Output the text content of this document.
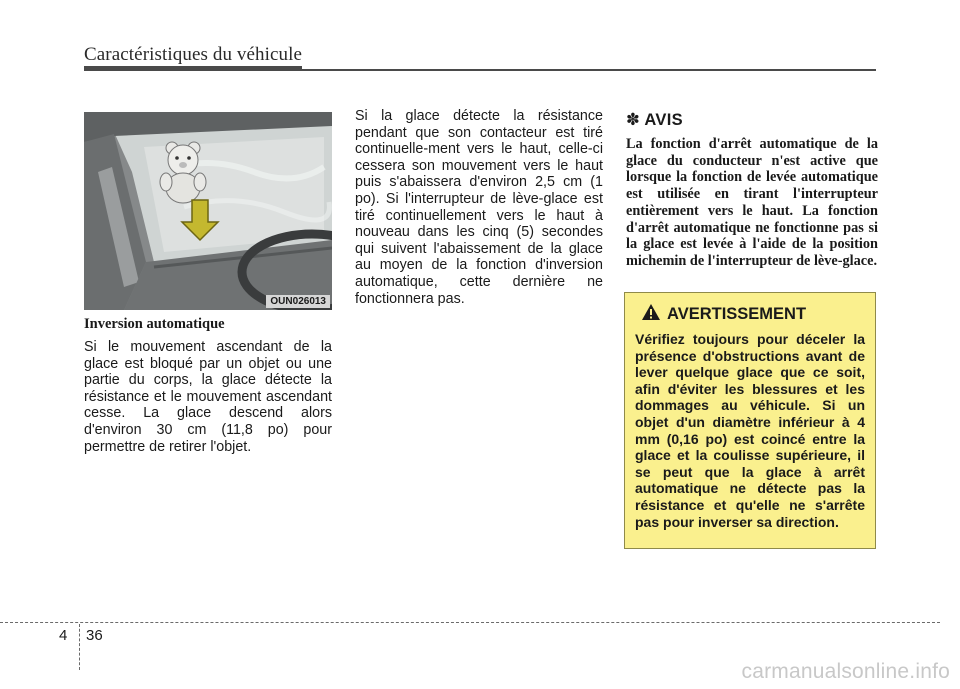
Caractéristiques du véhicule
OUN026013
Inversion automatique

Si le mouvement ascendant de la glace est bloqué par un objet ou une partie du corps, la glace détecte la résistance et le mouvement ascendant cesse. La glace descend alors d'environ 30 cm (11,8 po) pour permettre de retirer l'objet.

Si la glace détecte la résistance pendant que son contacteur est tiré continuelle-ment vers le haut, celle-ci cessera son mouvement vers le haut puis s'abaissera d'environ 2,5 cm (1 po). Si l'interrupteur de lève-glace est tiré continuellement vers le haut à nouveau dans les cinq (5) secondes qui suivent l'abaissement de la glace au moyen de la fonction d'inversion automatique, cette dernière ne fonctionnera pas.

✽ AVIS

La fonction d'arrêt automatique de la glace du conducteur n'est active que lorsque la fonction de levée automatique est utilisée en tirant l'interrupteur entièrement vers le haut. La fonction d'arrêt automatique ne fonctionne pas si la glace est levée à l'aide de la position michemin de l'interrupteur de lève-glace.

AVERTISSEMENT

Vérifiez toujours pour déceler la présence d'obstructions avant de lever quelque glace que ce soit, afin d'éviter les blessures et les dommages au véhicule. Si un objet d'un diamètre inférieur à 4 mm (0,16 po) est coincé entre la glace et la coulisse supérieure, il se peut que la glace à arrêt automatique ne détecte pas la résistance et qu'elle ne s'arrête pas pour inverser sa direction.

4 36
carmanualsonline.info
